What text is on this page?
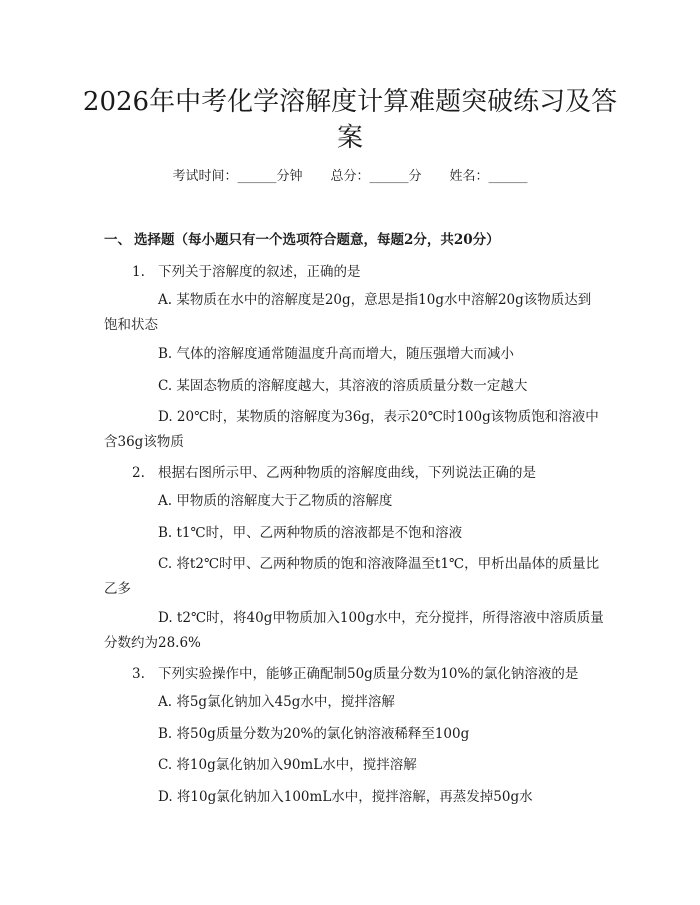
2026年中考化学溶解度计算难题突破练习及答案
考试时间：______分钟 总分：______分 姓名：______
一、 选择题（每小题只有一个选项符合题意，每题2分，共20分）
1. 下列关于溶解度的叙述，正确的是
A. 某物质在水中的溶解度是20g，意思是指10g水中溶解20g该物质达到饱和状态
B. 气体的溶解度通常随温度升高而增大，随压强增大而减小
C. 某固态物质的溶解度越大，其溶液的溶质质量分数一定越大
D. 20℃时，某物质的溶解度为36g，表示20℃时100g该物质饱和溶液中含36g该物质
2. 根据右图所示甲、乙两种物质的溶解度曲线，下列说法正确的是
A. 甲物质的溶解度大于乙物质的溶解度
B. t1℃时，甲、乙两种物质的溶液都是不饱和溶液
C. 将t2℃时甲、乙两种物质的饱和溶液降温至t1℃，甲析出晶体的质量比乙多
D. t2℃时，将40g甲物质加入100g水中，充分搅拌，所得溶液中溶质质量分数约为28.6%
3. 下列实验操作中，能够正确配制50g质量分数为10%的氯化钠溶液的是
A. 将5g氯化钠加入45g水中，搅拌溶解
B. 将50g质量分数为20%的氯化钠溶液稀释至100g
C. 将10g氯化钠加入90mL水中，搅拌溶解
D. 将10g氯化钠加入100mL水中，搅拌溶解，再蒸发掉50g水
